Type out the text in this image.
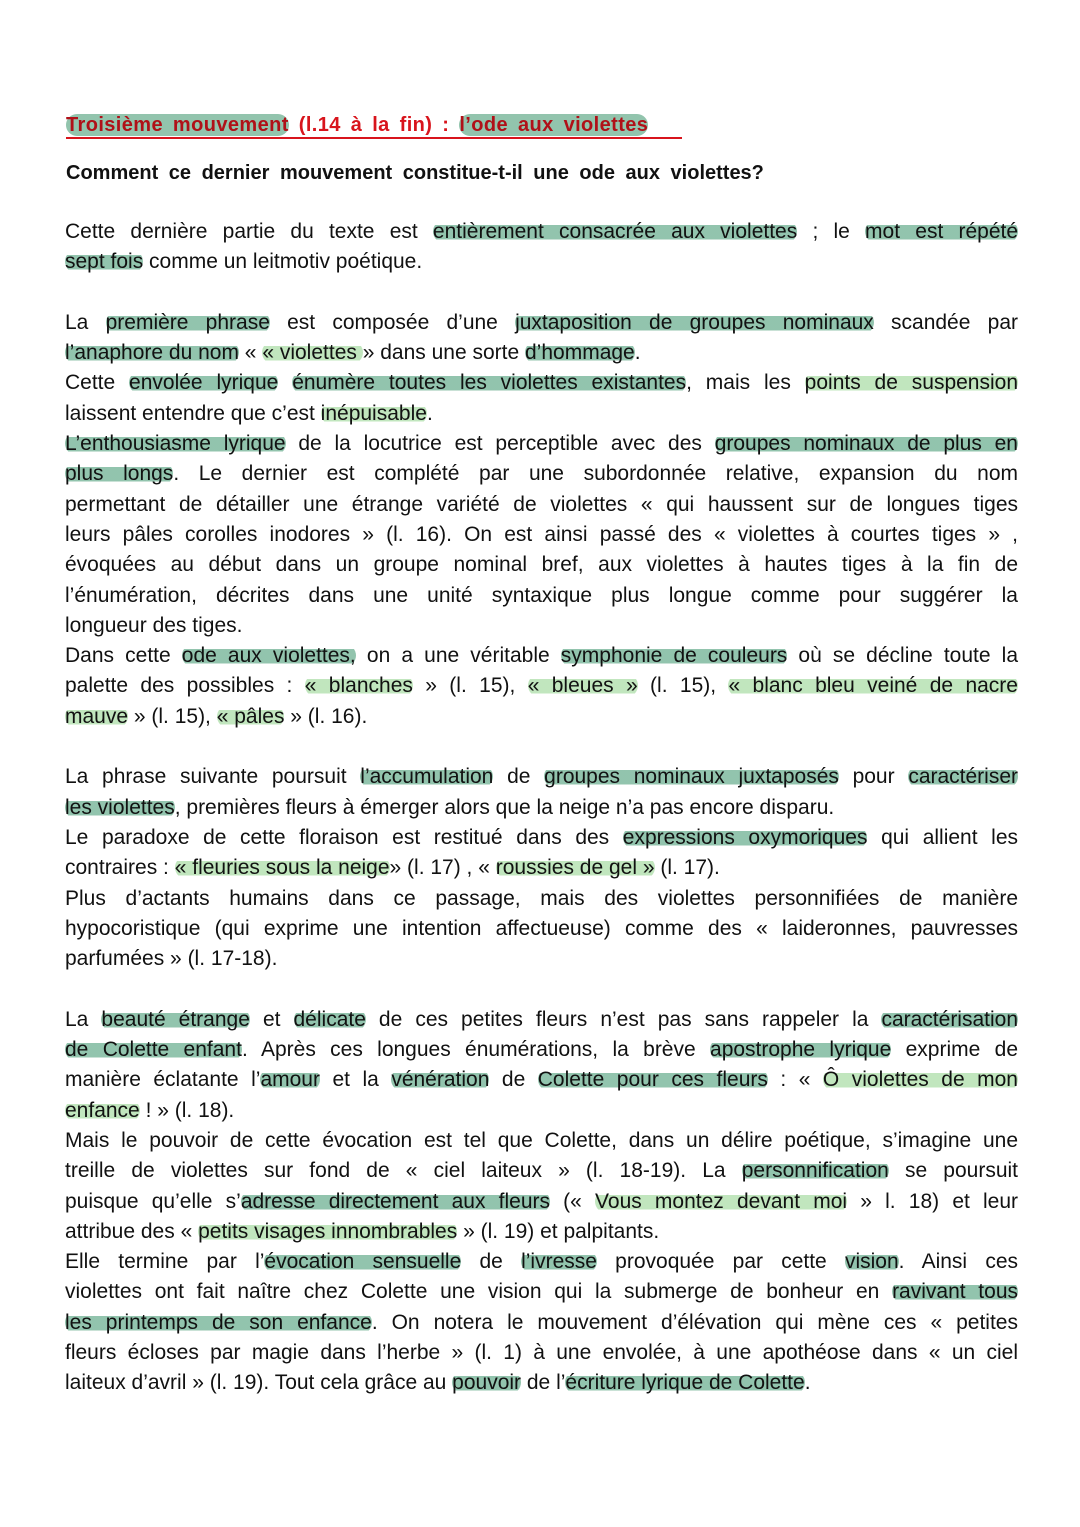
Troisième mouvement (l.14 à la fin) : l’ode aux violettes
Comment ce dernier mouvement constitue-t-il une ode aux violettes?
Cette dernière partie du texte est entièrement consacrée aux violettes ; le mot est répété
sept fois comme un leitmotiv poétique.
La première phrase est composée d’une juxtaposition de groupes nominaux scandée par
l’anaphore du nom « « violettes » dans une sorte d’hommage.
Cette envolée lyrique énumère toutes les violettes existantes, mais les points de suspension
laissent entendre que c’est inépuisable.
L’enthousiasme lyrique de la locutrice est perceptible avec des groupes nominaux de plus en
plus longs. Le dernier est complété par une subordonnée relative, expansion du nom
permettant de détailler une étrange variété de violettes « qui haussent sur de longues tiges
leurs pâles corolles inodores » (l. 16). On est ainsi passé des « violettes à courtes tiges » ,
évoquées au début dans un groupe nominal bref, aux violettes à hautes tiges à la fin de
l’énumération, décrites dans une unité syntaxique plus longue comme pour suggérer la
longueur des tiges.
Dans cette ode aux violettes, on a une véritable symphonie de couleurs où se décline toute la
palette des possibles : « blanches » (l. 15), « bleues » (l. 15), « blanc bleu veiné de nacre
mauve » (l. 15), « pâles » (l. 16).
La phrase suivante poursuit l’accumulation de groupes nominaux juxtaposés pour caractériser
les violettes, premières fleurs à émerger alors que la neige n’a pas encore disparu.
Le paradoxe de cette floraison est restitué dans des expressions oxymoriques qui allient les
contraires : « fleuries sous la neige» (l. 17) , « roussies de gel » (l. 17).
Plus d’actants humains dans ce passage, mais des violettes personnifiées de manière
hypocoristique (qui exprime une intention affectueuse) comme des « laideronnes, pauvresses
parfumées » (l. 17-18).
La beauté étrange et délicate de ces petites fleurs n’est pas sans rappeler la caractérisation
de Colette enfant. Après ces longues énumérations, la brève apostrophe lyrique exprime de
manière éclatante l’amour et la vénération de Colette pour ces fleurs : « Ô violettes de mon
enfance ! » (l. 18).
Mais le pouvoir de cette évocation est tel que Colette, dans un délire poétique, s’imagine une
treille de violettes sur fond de « ciel laiteux » (l. 18-19). La personnification se poursuit
puisque qu’elle s’adresse directement aux fleurs (« Vous montez devant moi » l. 18) et leur
attribue des « petits visages innombrables » (l. 19) et palpitants.
Elle termine par l’évocation sensuelle de l’ivresse provoquée par cette vision. Ainsi ces
violettes ont fait naître chez Colette une vision qui la submerge de bonheur en ravivant tous
les printemps de son enfance. On notera le mouvement d’élévation qui mène ces « petites
fleurs écloses par magie dans l’herbe » (l. 1) à une envolée, à une apothéose dans « un ciel
laiteux d’avril » (l. 19). Tout cela grâce au pouvoir de l’écriture lyrique de Colette.
